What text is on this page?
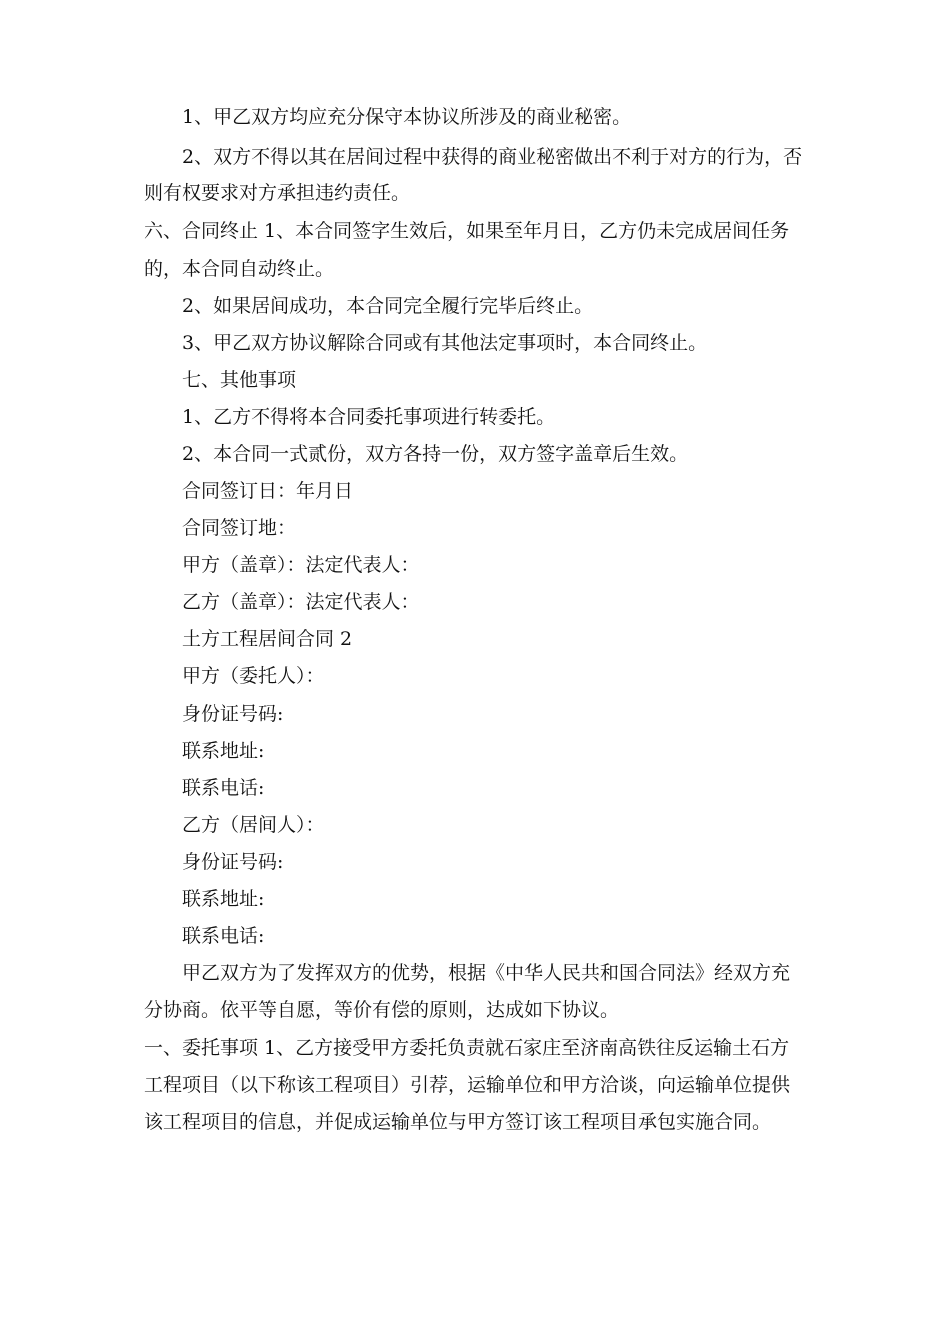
1、甲乙双方均应充分保守本协议所涉及的商业秘密。
2、双方不得以其在居间过程中获得的商业秘密做出不利于对方的行为，否
则有权要求对方承担违约责任。
六、合同终止 1、本合同签字生效后，如果至年月日，乙方仍未完成居间任务
的，本合同自动终止。
2、如果居间成功，本合同完全履行完毕后终止。
3、甲乙双方协议解除合同或有其他法定事项时，本合同终止。
七、其他事项
1、乙方不得将本合同委托事项进行转委托。
2、本合同一式贰份，双方各持一份，双方签字盖章后生效。
合同签订日：年月日
合同签订地：
甲方（盖章）：法定代表人：
乙方（盖章）：法定代表人：
土方工程居间合同 2
甲方（委托人）：
身份证号码:
联系地址:
联系电话:
乙方（居间人）：
身份证号码:
联系地址:
联系电话:
甲乙双方为了发挥双方的优势，根据《中华人民共和国合同法》经双方充
分协商。依平等自愿，等价有偿的原则，达成如下协议。
一、委托事项 1、乙方接受甲方委托负责就石家庄至济南高铁往反运输土石方
工程项目（以下称该工程项目）引荐，运输单位和甲方洽谈，向运输单位提供
该工程项目的信息，并促成运输单位与甲方签订该工程项目承包实施合同。
